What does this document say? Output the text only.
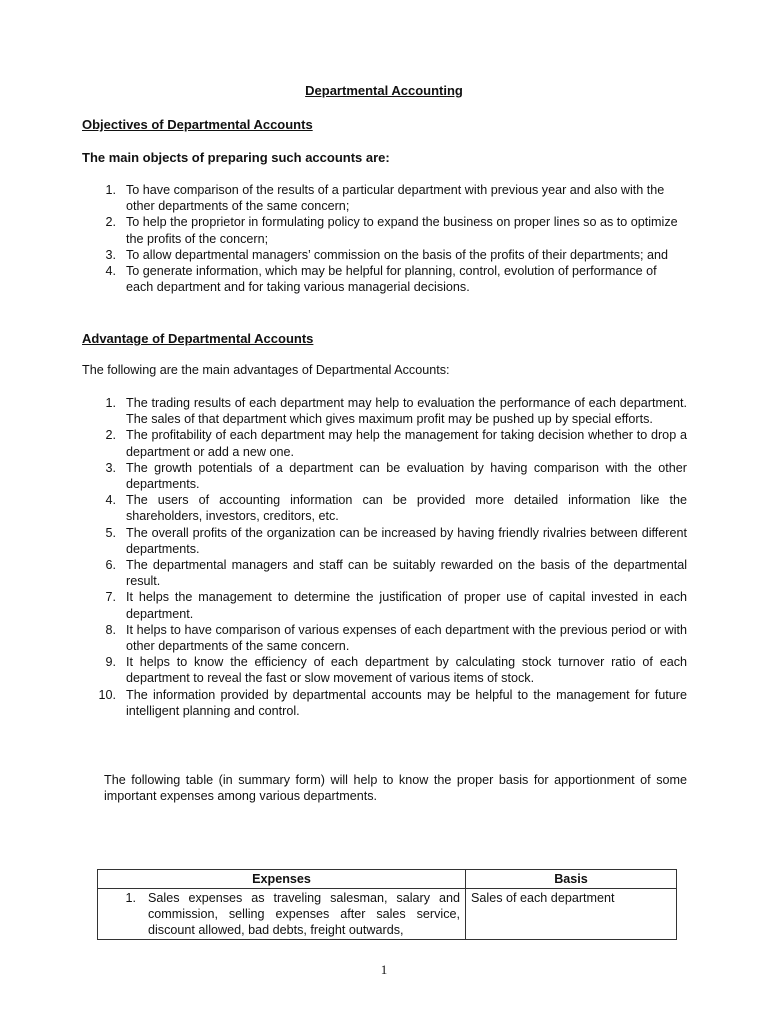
Departmental Accounting
Objectives of Departmental Accounts
The main objects of preparing such accounts are:
1. To have comparison of the results of a particular department with previous year and also with the other departments of the same concern;
2. To help the proprietor in formulating policy to expand the business on proper lines so as to optimize the profits of the concern;
3. To allow departmental managers’ commission on the basis of the profits of their departments; and
4. To generate information, which may be helpful for planning, control, evolution of performance of each department and for taking various managerial decisions.
Advantage of Departmental Accounts
The following are the main advantages of Departmental Accounts:
1. The trading results of each department may help to evaluation the performance of each department. The sales of that department which gives maximum profit may be pushed up by special efforts.
2. The profitability of each department may help the management for taking decision whether to drop a department or add a new one.
3. The growth potentials of a department can be evaluation by having comparison with the other departments.
4. The users of accounting information can be provided more detailed information like the shareholders, investors, creditors, etc.
5. The overall profits of the organization can be increased by having friendly rivalries between different departments.
6. The departmental managers and staff can be suitably rewarded on the basis of the departmental result.
7. It helps the management to determine the justification of proper use of capital invested in each department.
8. It helps to have comparison of various expenses of each department with the previous period or with other departments of the same concern.
9. It helps to know the efficiency of each department by calculating stock turnover ratio of each department to reveal the fast or slow movement of various items of stock.
10. The information provided by departmental accounts may be helpful to the management for future intelligent planning and control.
The following table (in summary form) will help to know the proper basis for apportionment of some important expenses among various departments.
Expenses	Basis

1. Sales expenses as traveling salesman, salary and commission, selling expenses after sales service, discount allowed, bad debts, freight outwards,	Sales of each department
1
